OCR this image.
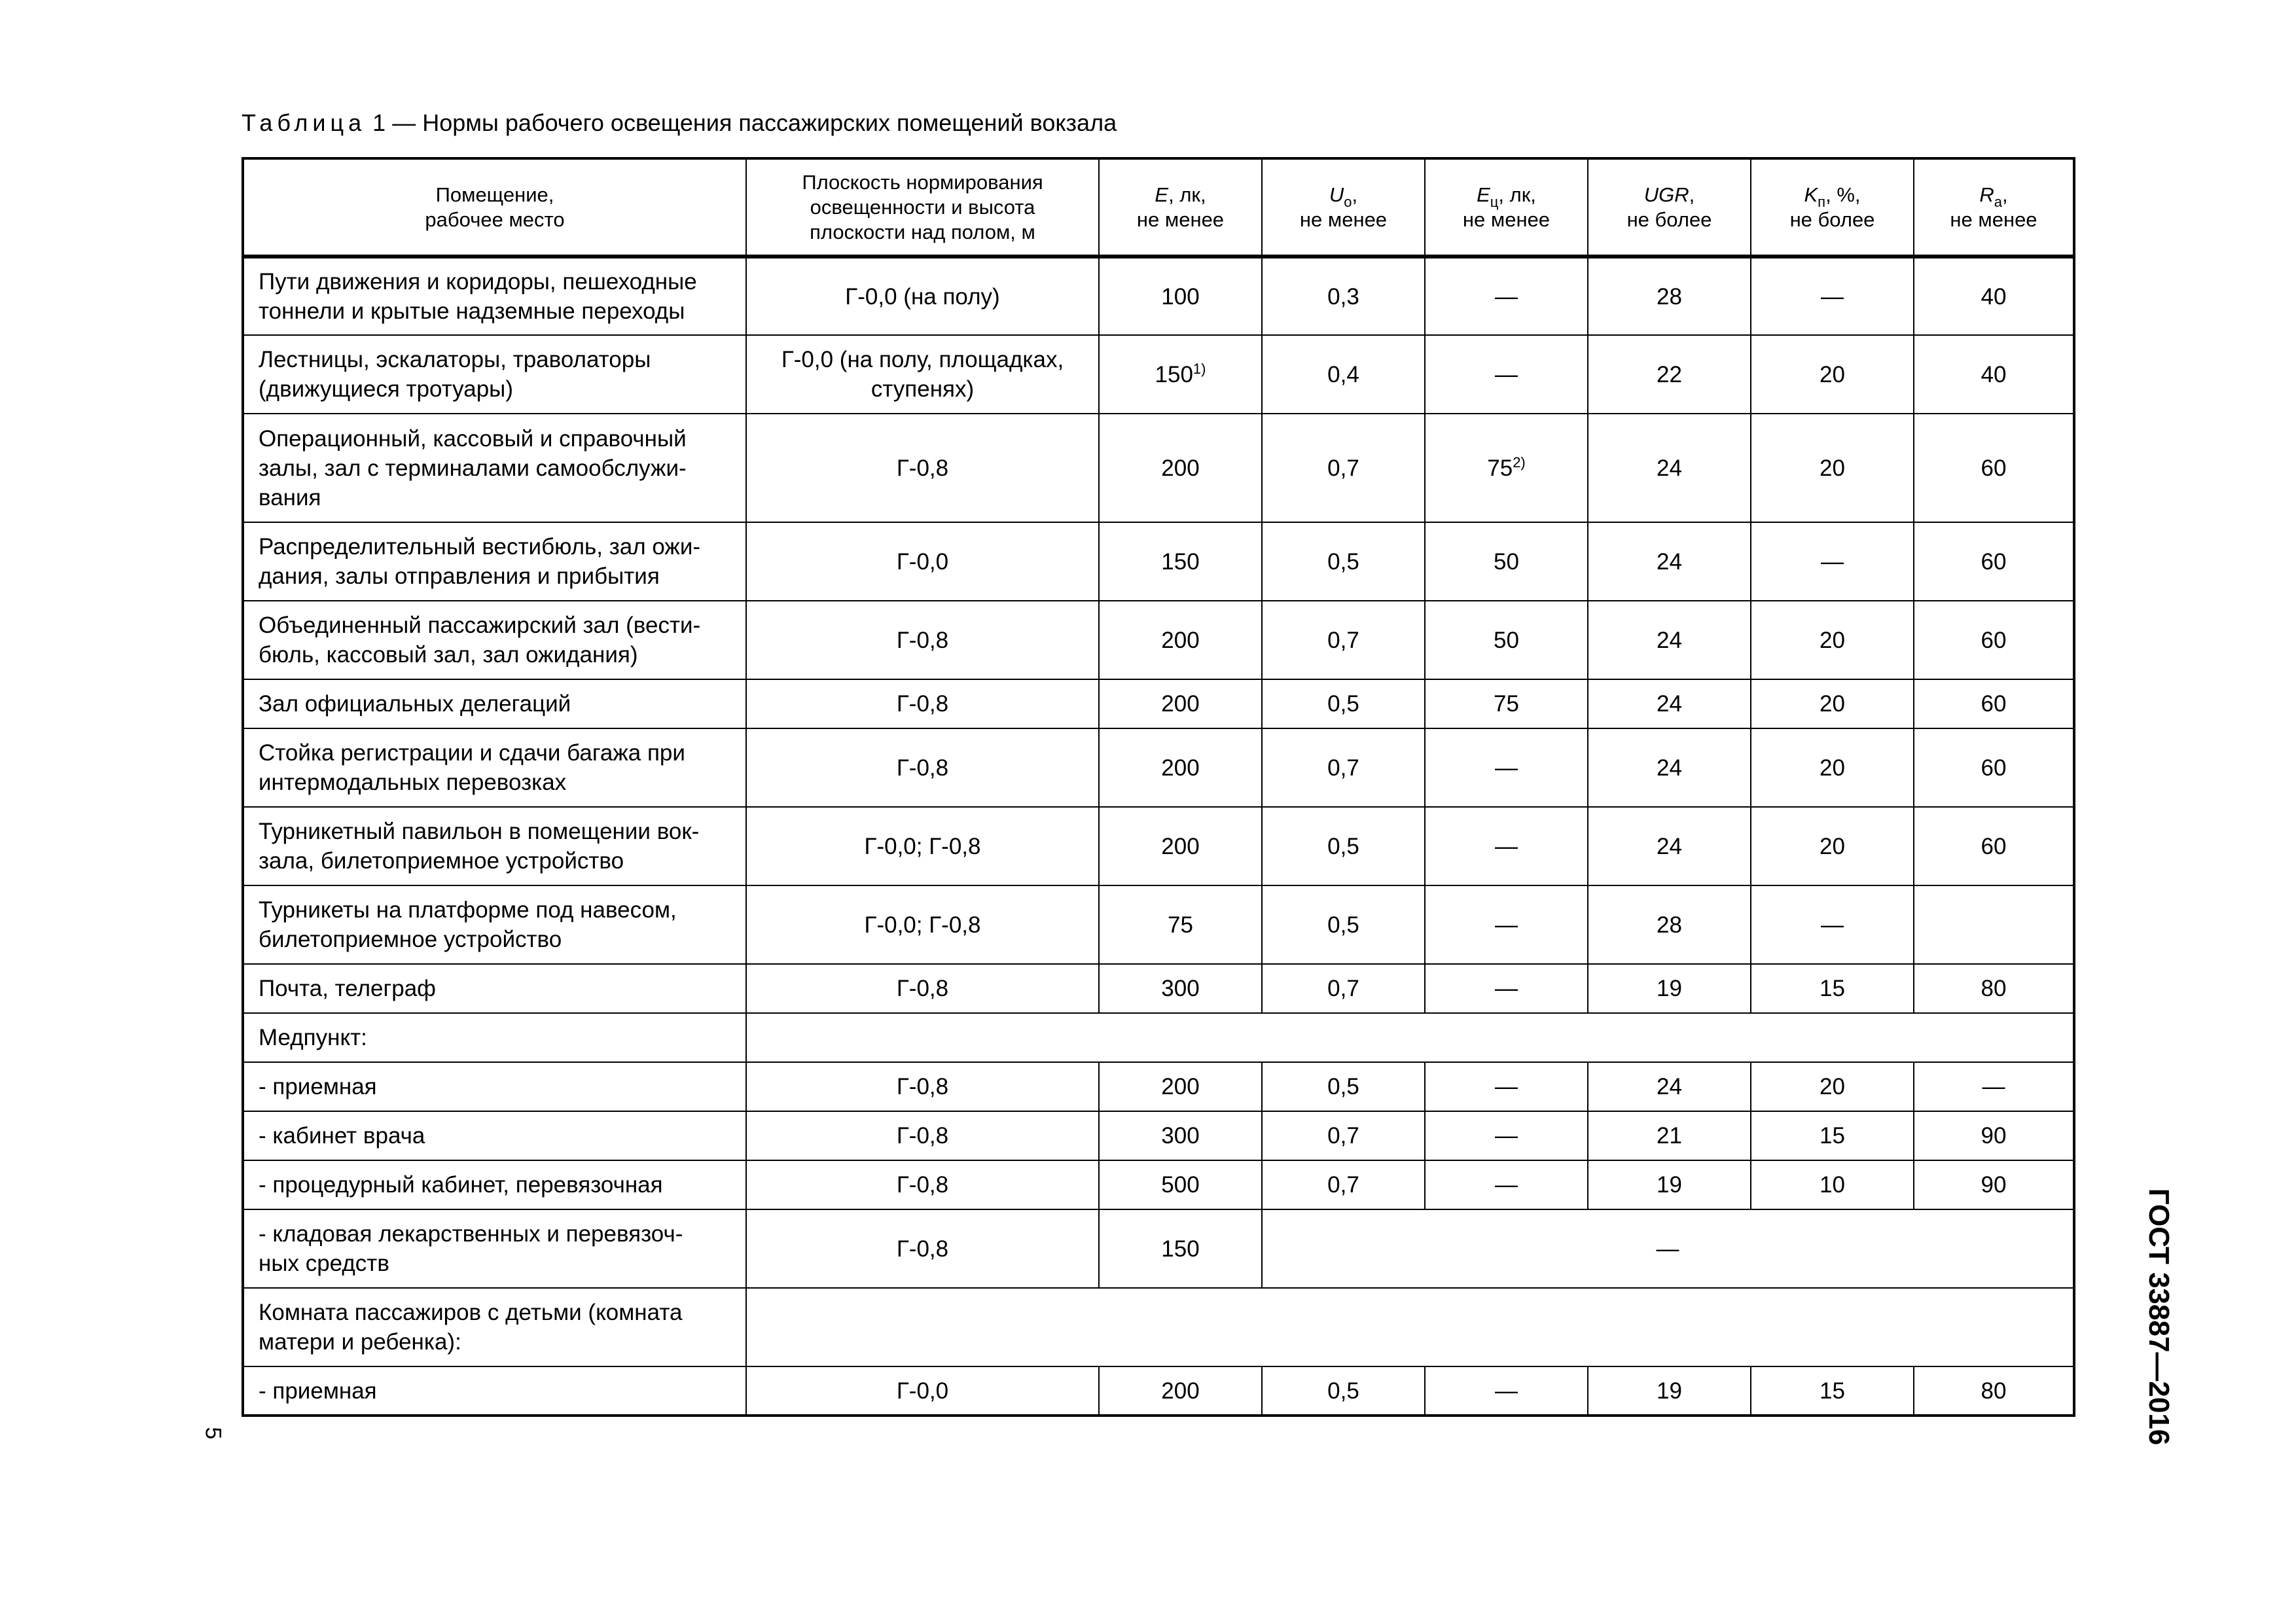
Таблица 1 — Нормы рабочего освещения пассажирских помещений вокзала
Помещение,
рабочее место	Плоскость нормирования
освещенности и высота
плоскости над полом, м	E, лк,
не менее	$U_o$,
не менее	$E_ц$, лк,
не менее	UGR,
не более	$K_п$, %,
не более	$R_a$,
не менее
Пути движения и коридоры, пешеходные
тоннели и крытые надземные переходы	Г-0,0 (на полу)	100	0,3	—	28	—	40
Лестницы, эскалаторы, траволаторы
(движущиеся тротуары)	Г-0,0 (на полу, площадках,
ступенях)	150$^{1)}$	0,4	—	22	20	40
Операционный, кассовый и справочный
залы, зал с терминалами самообслужи-
вания	Г-0,8	200	0,7	75$^{2)}$	24	20	60
Распределительный вестибюль, зал ожи-
дания, залы отправления и прибытия	Г-0,0	150	0,5	50	24	—	60
Объединенный пассажирский зал (вести-
бюль, кассовый зал, зал ожидания)	Г-0,8	200	0,7	50	24	20	60
Зал официальных делегаций	Г-0,8	200	0,5	75	24	20	60
Стойка регистрации и сдачи багажа при
интермодальных перевозках	Г-0,8	200	0,7	—	24	20	60
Турникетный павильон в помещении вок-
зала, билетоприемное устройство	Г-0,0; Г-0,8	200	0,5	—	24	20	60
Турникеты на платформе под навесом,
билетоприемное устройство	Г-0,0; Г-0,8	75	0,5	—	28	—	
Почта, телеграф	Г-0,8	300	0,7	—	19	15	80
Медпункт:							
- приемная	Г-0,8	200	0,5	—	24	20	—
- кабинет врача	Г-0,8	300	0,7	—	21	15	90
- процедурный кабинет, перевязочная	Г-0,8	500	0,7	—	19	10	90
- кладовая лекарственных и перевязоч-
ных средств	Г-0,8	150	—				
Комната пассажиров с детьми (комната
матери и ребенка):							
- приемная	Г-0,0	200	0,5	—	19	15	80	ГОСТ 33887—2016
5
